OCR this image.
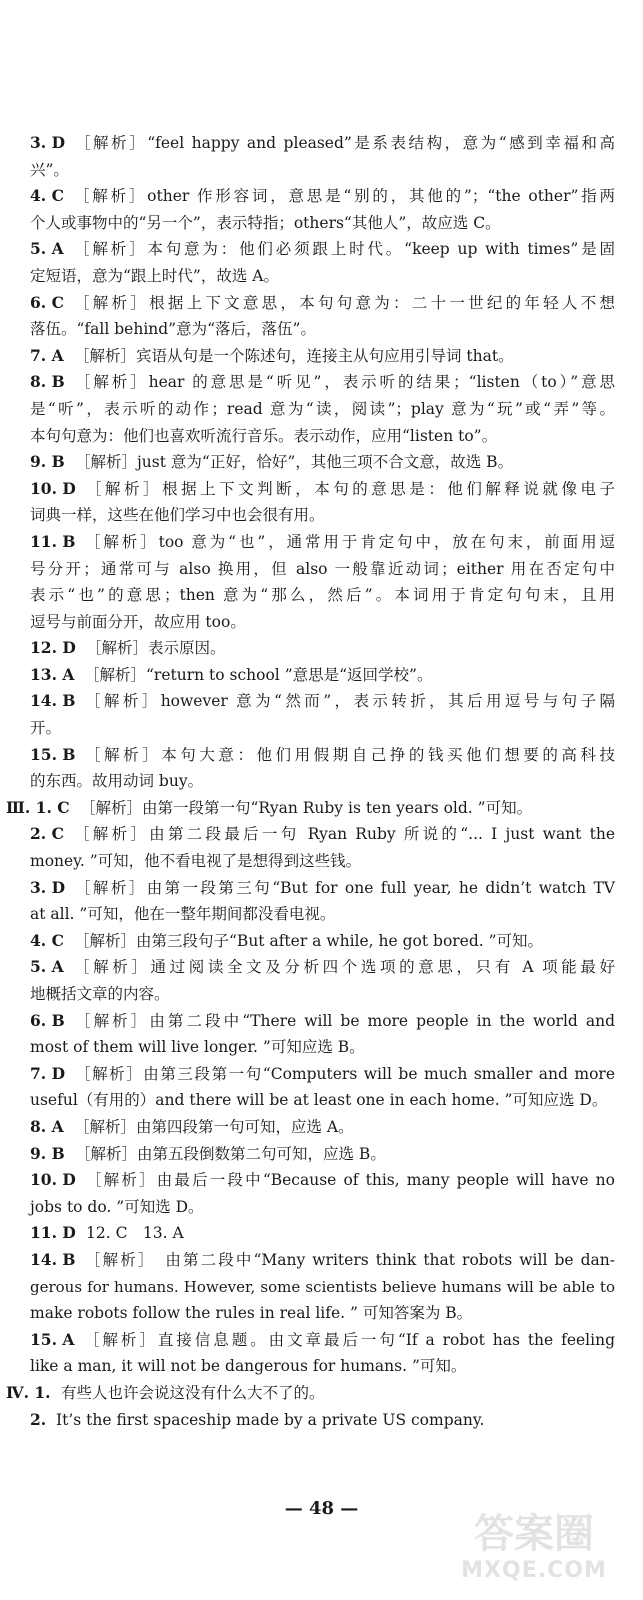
3. D ［解析］“feel happy and pleased”是系表结构，意为“感到幸福和高
兴”。
4. C ［解析］other 作形容词，意思是“别的，其他的”；“the other”指两
个人或事物中的“另一个”，表示特指；others“其他人”，故应选 C。
5. A ［解析］本句意为：他们必须跟上时代。“keep up with times”是固
定短语，意为“跟上时代”，故选 A。
6. C ［解析］根据上下文意思，本句句意为：二十一世纪的年轻人不想
落伍。“fall behind”意为“落后，落伍”。
7. A ［解析］宾语从句是一个陈述句，连接主从句应用引导词 that。
8. B ［解析］hear 的意思是“听见”，表示听的结果；“listen（to）”意思
是“听”，表示听的动作；read 意为“读，阅读”；play 意为“玩”或“弄”等。
本句句意为：他们也喜欢听流行音乐。表示动作，应用“listen to”。
9. B ［解析］just 意为“正好，恰好”，其他三项不合文意，故选 B。
10. D ［解析］根据上下文判断，本句的意思是：他们解释说就像电子
词典一样，这些在他们学习中也会很有用。
11. B ［解析］too 意为“也”，通常用于肯定句中，放在句末，前面用逗
号分开；通常可与 also 换用，但 also 一般靠近动词；either 用在否定句中
表示“也”的意思；then 意为“那么，然后”。本词用于肯定句句末，且用
逗号与前面分开，故应用 too。
12. D ［解析］表示原因。
13. A ［解析］“return to school ”意思是“返回学校”。
14. B ［解析］however 意为“然而”，表示转折，其后用逗号与句子隔
开。
15. B ［解析］本句大意：他们用假期自己挣的钱买他们想要的高科技
的东西。故用动词 buy。
Ⅲ. 1. C ［解析］由第一段第一句“Ryan Ruby is ten years old. ”可知。
2. C ［解析］由第二段最后一句 Ryan Ruby 所说的“... I just want the
money. ”可知，他不看电视了是想得到这些钱。
3. D ［解析］由第一段第三句“But for one full year, he didn’t watch TV
at all. ”可知，他在一整年期间都没看电视。
4. C ［解析］由第三段句子“But after a while, he got bored. ”可知。
5. A ［解析］通过阅读全文及分析四个选项的意思，只有 A 项能最好
地概括文章的内容。
6. B ［解析］由第二段中“There will be more people in the world and
most of them will live longer. ”可知应选 B。
7. D ［解析］由第三段第一句“Computers will be much smaller and more
useful（有用的）and there will be at least one in each home. ”可知应选 D。
8. A ［解析］由第四段第一句可知，应选 A。
9. B ［解析］由第五段倒数第二句可知，应选 B。
10. D ［解析］由最后一段中“Because of this, many people will have no
jobs to do. ”可知选 D。
11. D 12. C　13. A
14. B ［解析］　由第二段中“Many writers think that robots will be dan-
gerous for humans. However, some scientists believe humans will be able to
make robots follow the rules in real life. ” 可知答案为 B。
15. A ［解析］直接信息题。由文章最后一句“If a robot has the feeling
like a man, it will not be dangerous for humans. ”可知。
Ⅳ. 1. 有些人也许会说这没有什么大不了的。
2. It’s the first spaceship made by a private US company.
— 48 —
答案圈
MXQE.COM
